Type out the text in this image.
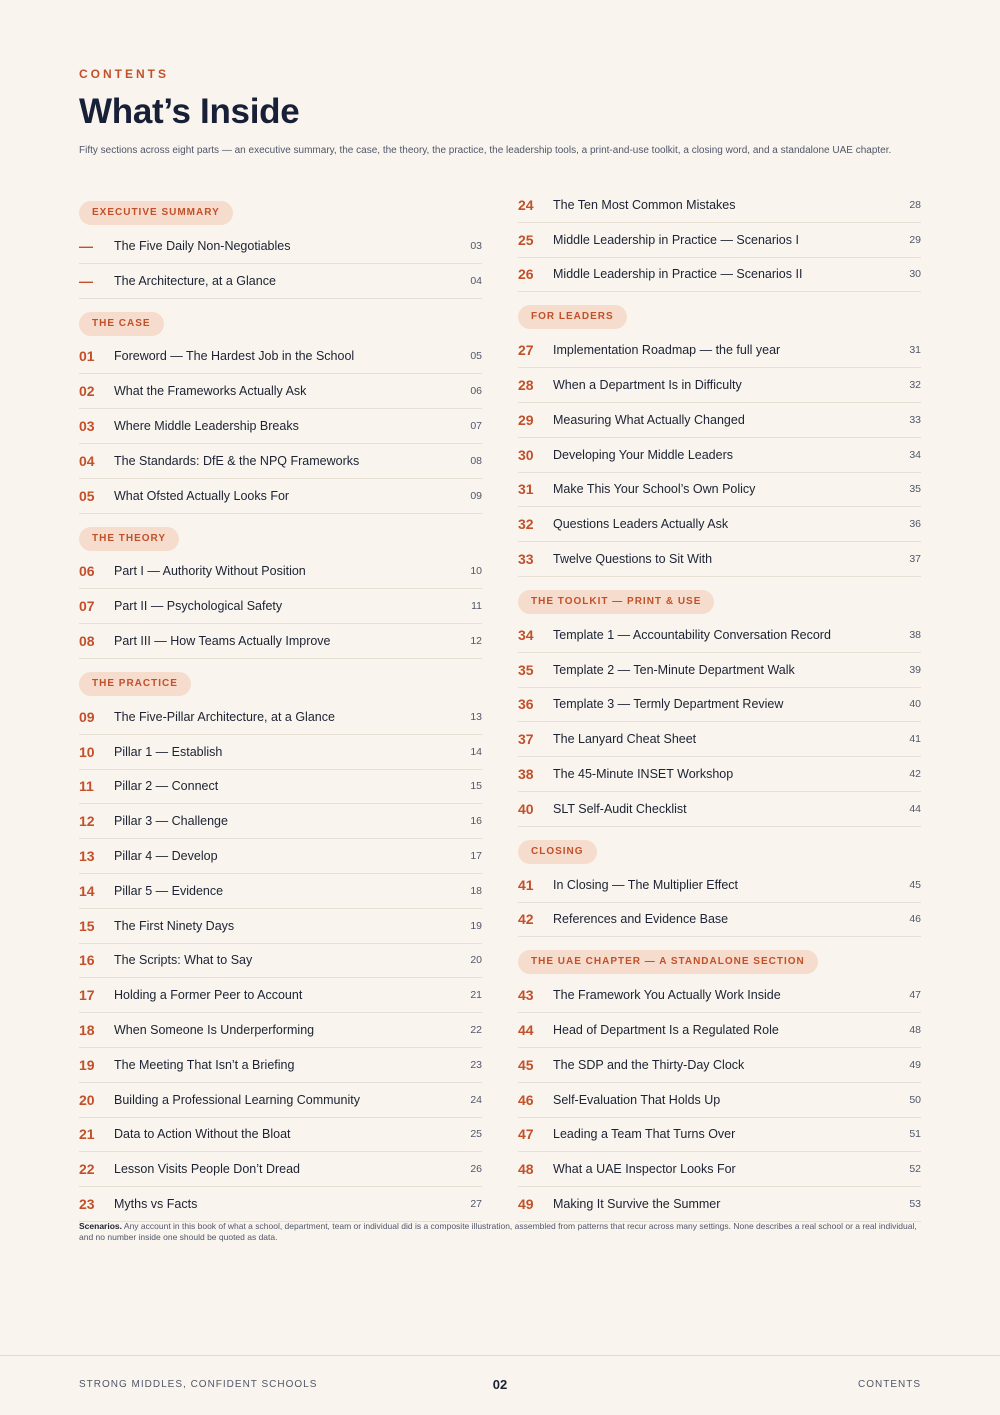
CONTENTS
What’s Inside

Fifty sections across eight parts — an executive summary, the case, the theory, the practice, the leadership tools, a print-and-use toolkit, a closing word, and a standalone UAE chapter.

EXECUTIVE SUMMARY
—	The Five Daily Non-Negotiables	03
—	The Architecture, at a Glance	04
THE CASE
01	Foreword — The Hardest Job in the School	05
02	What the Frameworks Actually Ask	06
03	Where Middle Leadership Breaks	07
04	The Standards: DfE & the NPQ Frameworks	08
05	What Ofsted Actually Looks For	09
THE THEORY
06	Part I — Authority Without Position	10
07	Part II — Psychological Safety	11
08	Part III — How Teams Actually Improve	12
THE PRACTICE
09	The Five-Pillar Architecture, at a Glance	13
10	Pillar 1 — Establish	14
11	Pillar 2 — Connect	15
12	Pillar 3 — Challenge	16
13	Pillar 4 — Develop	17
14	Pillar 5 — Evidence	18
15	The First Ninety Days	19
16	The Scripts: What to Say	20
17	Holding a Former Peer to Account	21
18	When Someone Is Underperforming	22
19	The Meeting That Isn’t a Briefing	23
20	Building a Professional Learning Community	24
21	Data to Action Without the Bloat	25
22	Lesson Visits People Don’t Dread	26
23	Myths vs Facts	27
24	The Ten Most Common Mistakes	28
25	Middle Leadership in Practice — Scenarios I	29
26	Middle Leadership in Practice — Scenarios II	30
FOR LEADERS
27	Implementation Roadmap — the full year	31
28	When a Department Is in Difficulty	32
29	Measuring What Actually Changed	33
30	Developing Your Middle Leaders	34
31	Make This Your School’s Own Policy	35
32	Questions Leaders Actually Ask	36
33	Twelve Questions to Sit With	37
THE TOOLKIT — PRINT & USE
34	Template 1 — Accountability Conversation Record	38
35	Template 2 — Ten-Minute Department Walk	39
36	Template 3 — Termly Department Review	40
37	The Lanyard Cheat Sheet	41
38	The 45-Minute INSET Workshop	42
40	SLT Self-Audit Checklist	44
CLOSING
41	In Closing — The Multiplier Effect	45
42	References and Evidence Base	46
THE UAE CHAPTER — A STANDALONE SECTION
43	The Framework You Actually Work Inside	47
44	Head of Department Is a Regulated Role	48
45	The SDP and the Thirty-Day Clock	49
46	Self-Evaluation That Holds Up	50
47	Leading a Team That Turns Over	51
48	What a UAE Inspector Looks For	52
49	Making It Survive the Summer	53

Scenarios. Any account in this book of what a school, department, team or individual did is a composite illustration, assembled from patterns that recur across many settings. None describes a real school or a real individual, and no number inside one should be quoted as data.

STRONG MIDDLES, CONFIDENT SCHOOLS	02	CONTENTS
